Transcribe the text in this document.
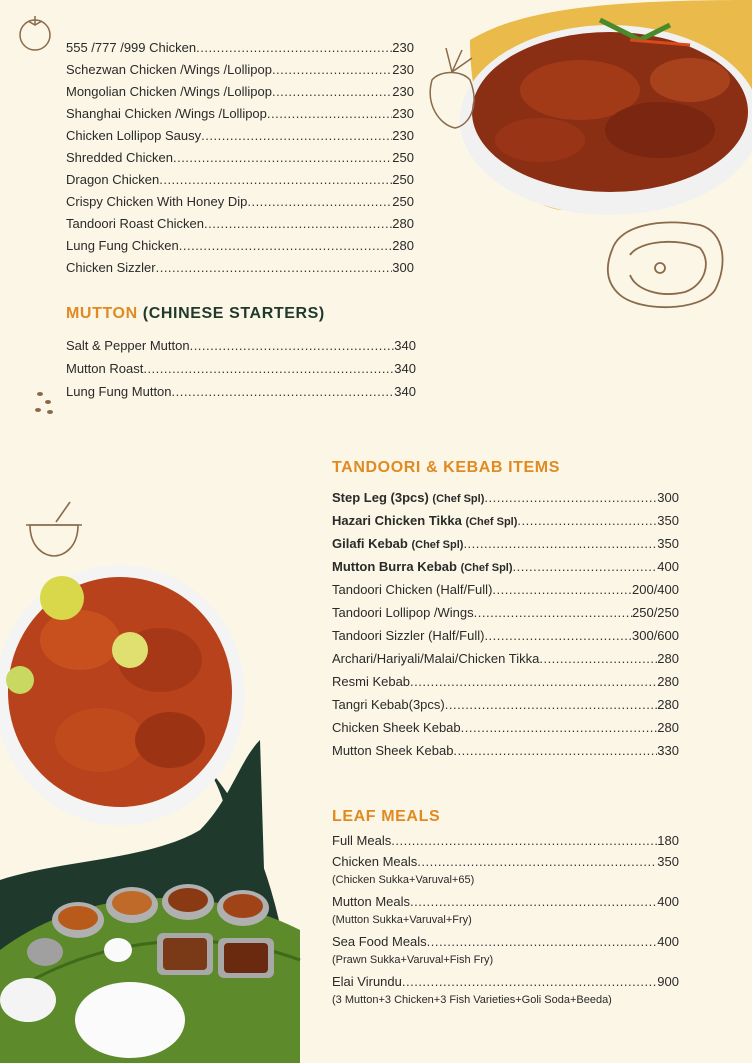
555 /777 /999 Chicken .....	230
Schezwan Chicken /Wings /Lollipop .....	230
Mongolian Chicken /Wings /Lollipop .....	230
Shanghai Chicken /Wings /Lollipop .....	230
Chicken Lollipop Sausy .....	230
Shredded Chicken .....	250
Dragon Chicken .....	250
Crispy Chicken With Honey Dip .....	250
Tandoori Roast Chicken .....	280
Lung Fung Chicken .....	280
Chicken Sizzler .....	300
MUTTON (CHINESE STARTERS)
Salt & Pepper Mutton .....	340
Mutton Roast .....	340
Lung Fung Mutton .....	340
TANDOORI & KEBAB ITEMS
Step Leg (3pcs) (Chef Spl) .....	300
Hazari Chicken Tikka (Chef Spl) .....	350
Gilafi Kebab (Chef Spl) .....	350
Mutton Burra Kebab (Chef Spl) .....	400
Tandoori Chicken (Half/Full) .....	200/400
Tandoori Lollipop /Wings .....	250/250
Tandoori Sizzler (Half/Full) .....	300/600
Archari/Hariyali/Malai/Chicken Tikka .....	280
Resmi Kebab .....	280
Tangri Kebab(3pcs) .....	280
Chicken Sheek Kebab .....	280
Mutton Sheek Kebab .....	330
LEAF MEALS
Full Meals .....	180
Chicken Meals .....	350
(Chicken Sukka+Varuval+65)
Mutton Meals .....	400
(Mutton Sukka+Varuval+Fry)
Sea Food Meals .....	400
(Prawn Sukka+Varuval+Fish Fry)
Elai Virundu .....	900
(3 Mutton+3 Chicken+3 Fish Varieties+Goli Soda+Beeda)
